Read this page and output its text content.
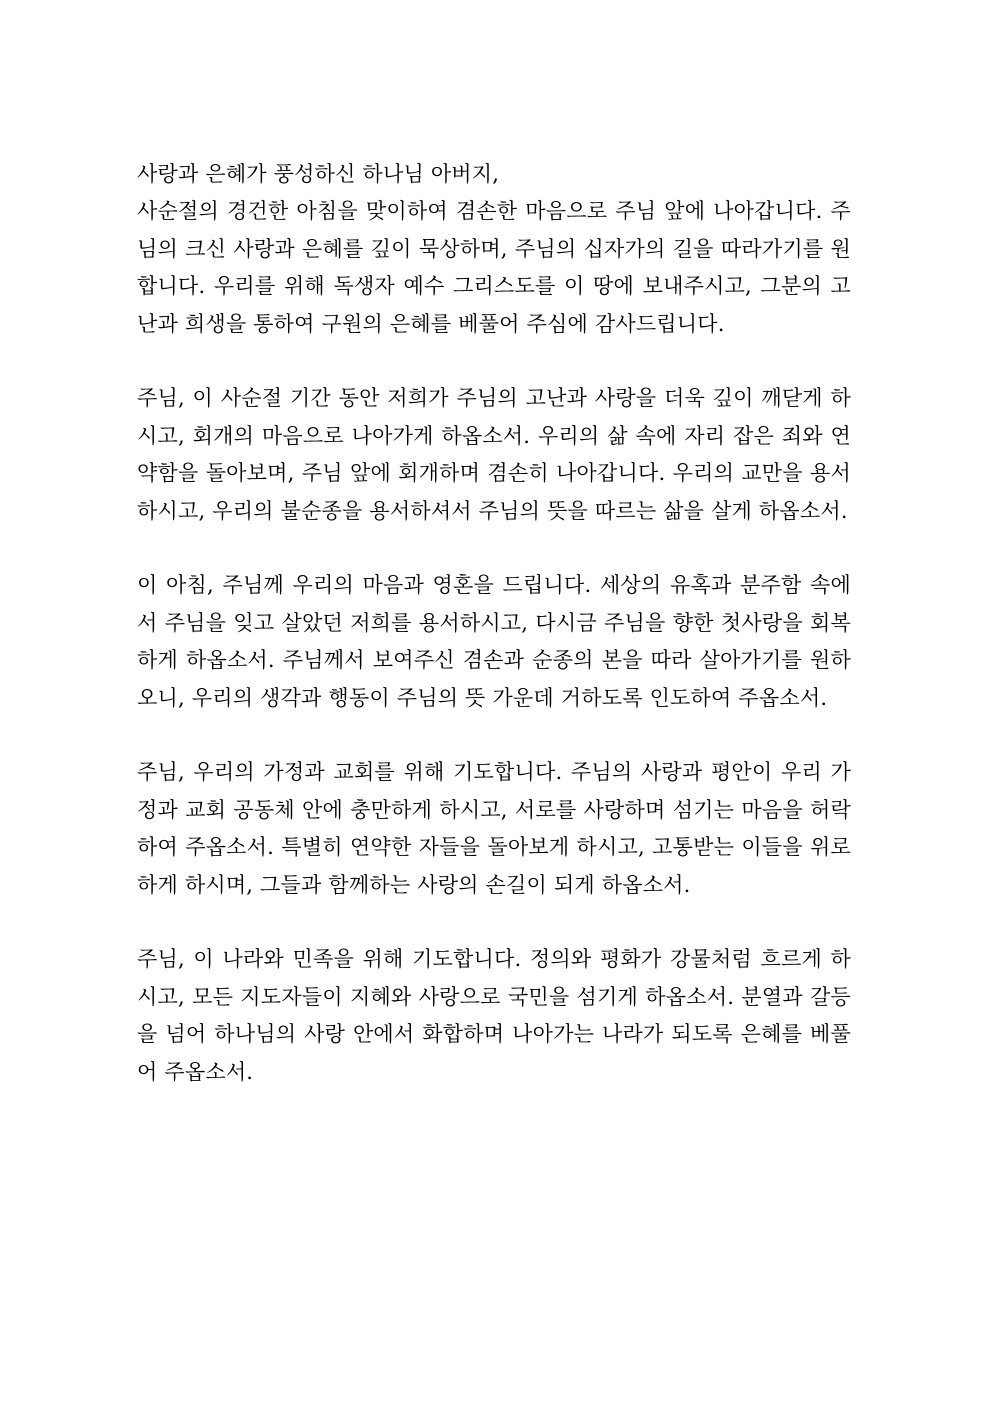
사랑과 은혜가 풍성하신 하나님 아버지,

사순절의 경건한 아침을 맞이하여 겸손한 마음으로 주님 앞에 나아갑니다. 주님의 크신 사랑과 은혜를 깊이 묵상하며, 주님의 십자가의 길을 따라가기를 원합니다. 우리를 위해 독생자 예수 그리스도를 이 땅에 보내주시고, 그분의 고난과 희생을 통하여 구원의 은혜를 베풀어 주심에 감사드립니다.

주님, 이 사순절 기간 동안 저희가 주님의 고난과 사랑을 더욱 깊이 깨닫게 하시고, 회개의 마음으로 나아가게 하옵소서. 우리의 삶 속에 자리 잡은 죄와 연약함을 돌아보며, 주님 앞에 회개하며 겸손히 나아갑니다. 우리의 교만을 용서하시고, 우리의 불순종을 용서하셔서 주님의 뜻을 따르는 삶을 살게 하옵소서.

이 아침, 주님께 우리의 마음과 영혼을 드립니다. 세상의 유혹과 분주함 속에서 주님을 잊고 살았던 저희를 용서하시고, 다시금 주님을 향한 첫사랑을 회복하게 하옵소서. 주님께서 보여주신 겸손과 순종의 본을 따라 살아가기를 원하오니, 우리의 생각과 행동이 주님의 뜻 가운데 거하도록 인도하여 주옵소서.

주님, 우리의 가정과 교회를 위해 기도합니다. 주님의 사랑과 평안이 우리 가정과 교회 공동체 안에 충만하게 하시고, 서로를 사랑하며 섬기는 마음을 허락하여 주옵소서. 특별히 연약한 자들을 돌아보게 하시고, 고통받는 이들을 위로하게 하시며, 그들과 함께하는 사랑의 손길이 되게 하옵소서.

주님, 이 나라와 민족을 위해 기도합니다. 정의와 평화가 강물처럼 흐르게 하시고, 모든 지도자들이 지혜와 사랑으로 국민을 섬기게 하옵소서. 분열과 갈등을 넘어 하나님의 사랑 안에서 화합하며 나아가는 나라가 되도록 은혜를 베풀어 주옵소서.
